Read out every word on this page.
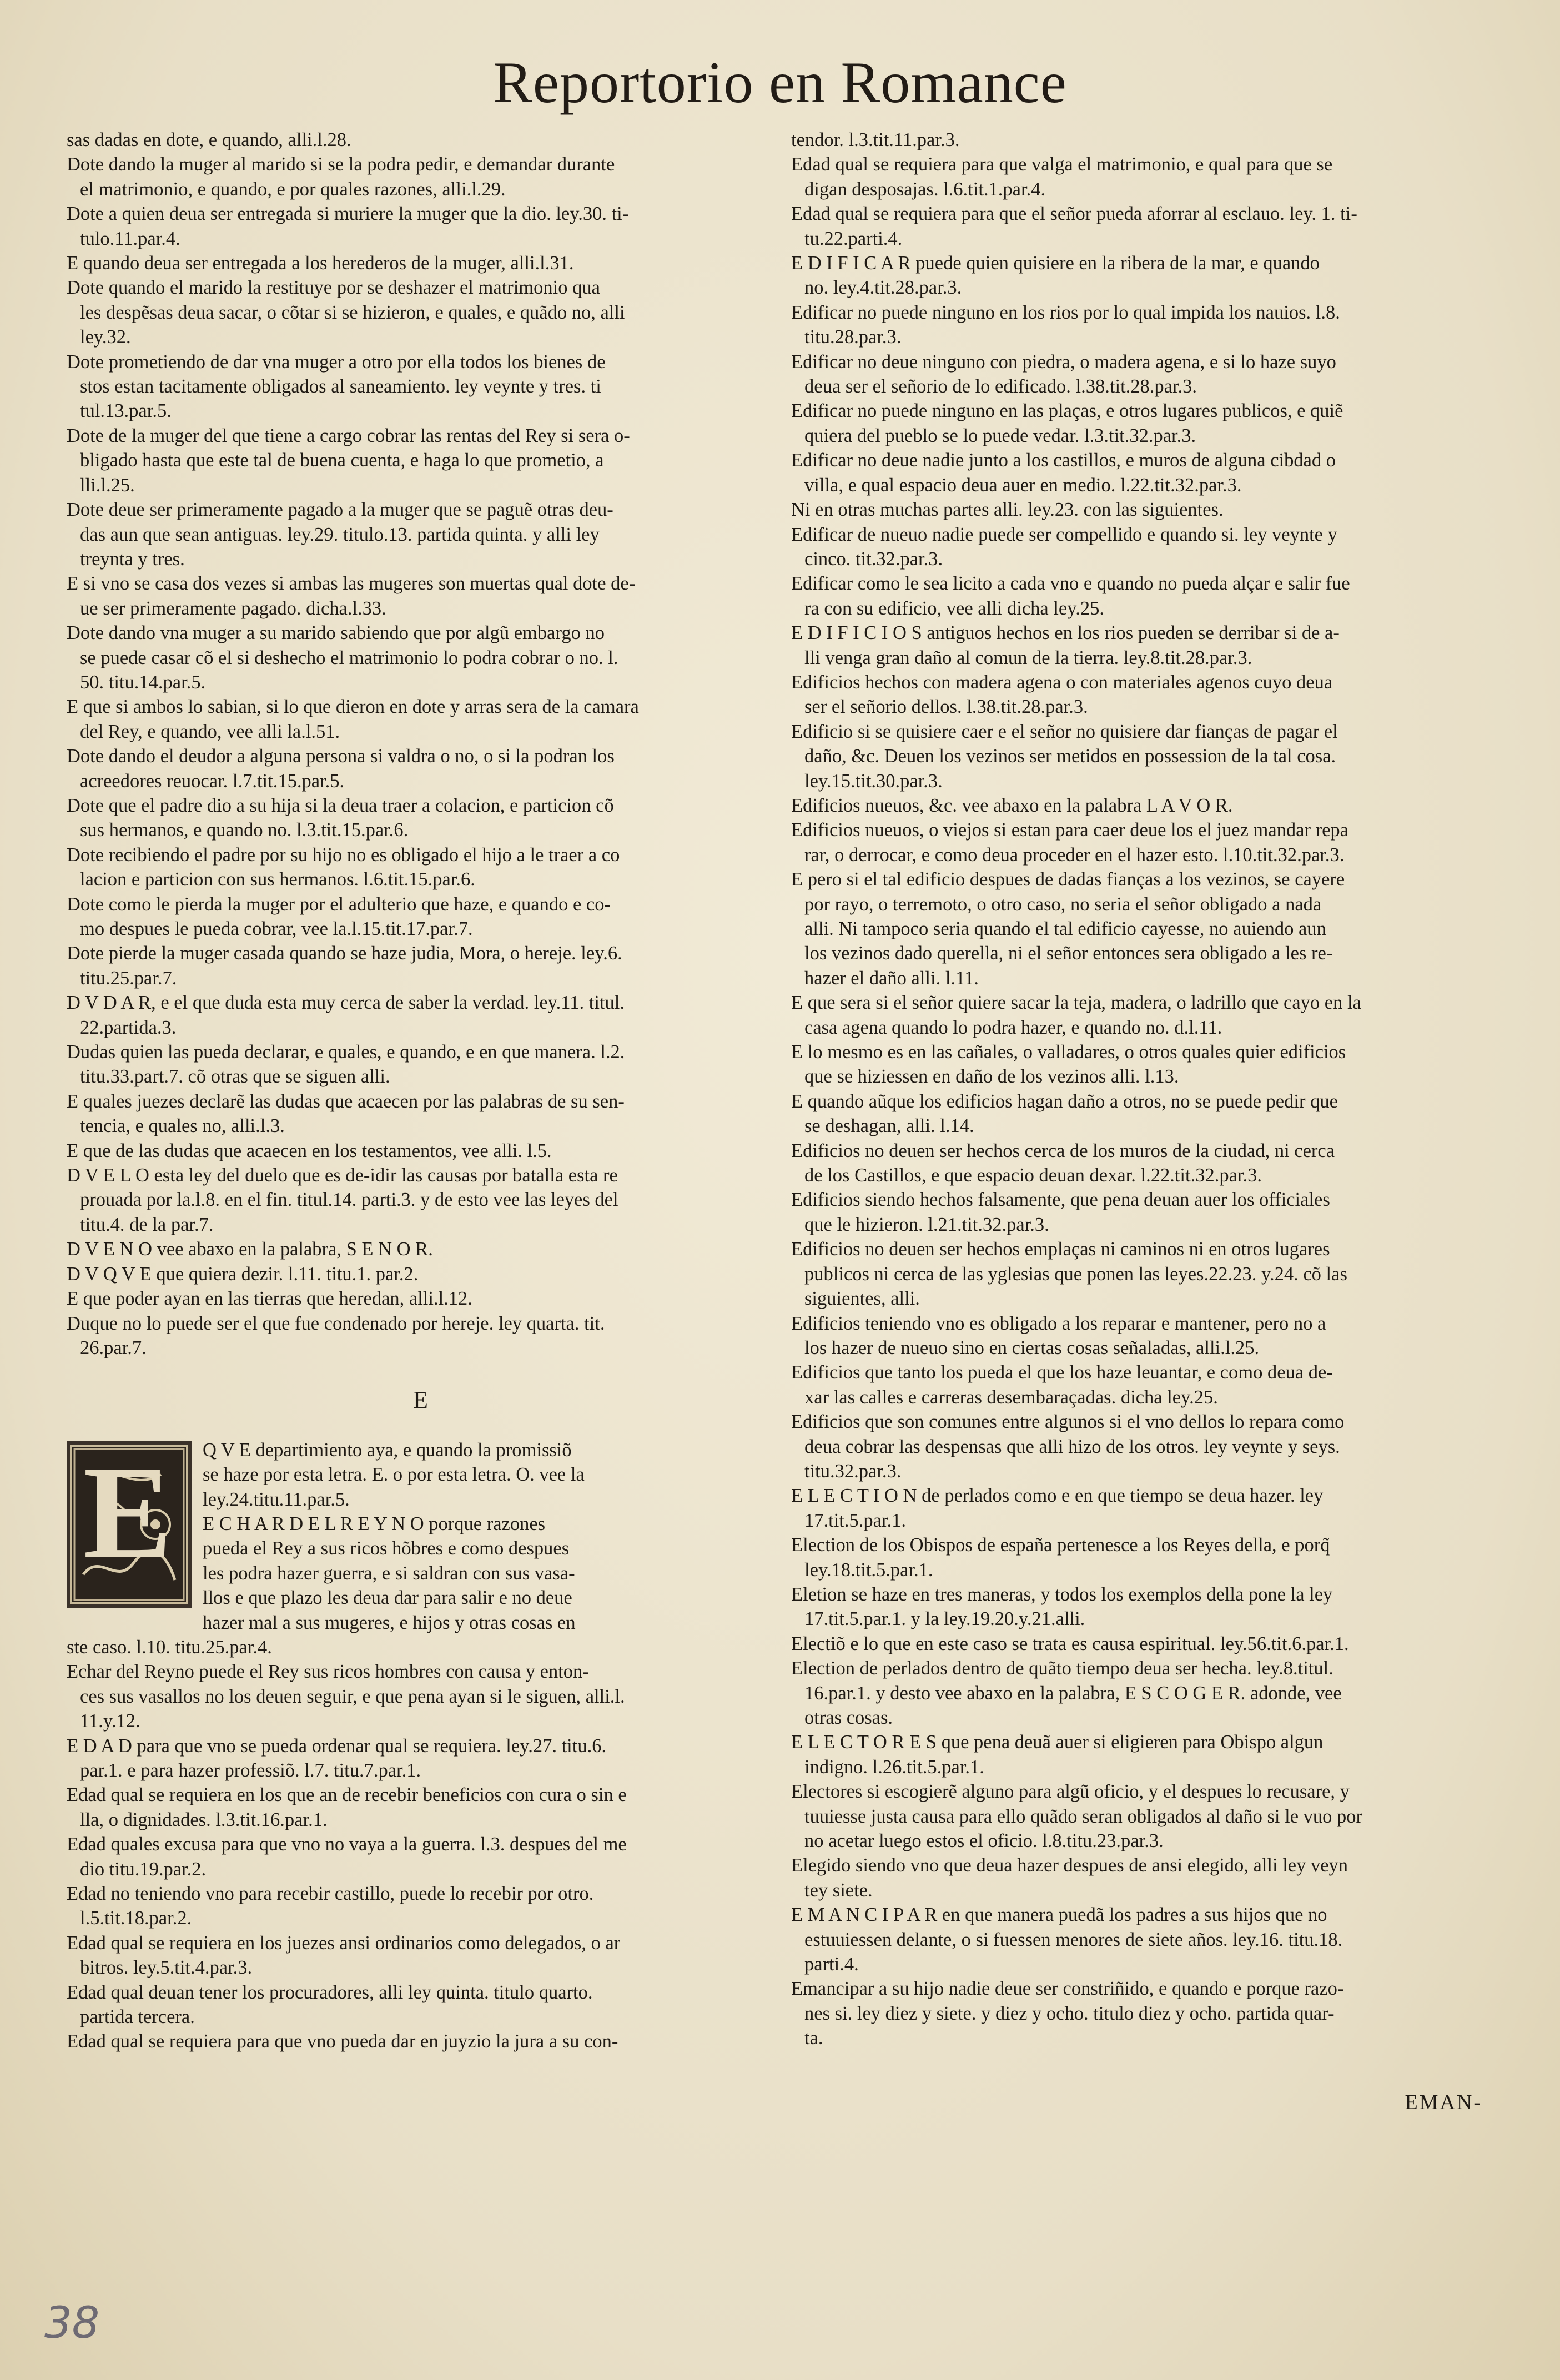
Reportorio en Romance
sas dadas en dote, e quando, alli.l.28.
Dote dando la muger al marido si se la podra pedir, e demandar durante
el matrimonio, e quando, e por quales razones, alli.l.29.
Dote a quien deua ser entregada si muriere la muger que la dio. ley.30. ti-
tulo.11.par.4.
E quando deua ser entregada a los herederos de la muger, alli.l.31.
Dote quando el marido la restituye por se deshazer el matrimonio qua
les despẽsas deua sacar, o cõtar si se hizieron, e quales, e quãdo no, alli
ley.32.
Dote prometiendo de dar vna muger a otro por ella todos los bienes de
stos estan tacitamente obligados al saneamiento. ley veynte y tres. ti
tul.13.par.5.
Dote de la muger del que tiene a cargo cobrar las rentas del Rey si sera o-
bligado hasta que este tal de buena cuenta, e haga lo que prometio, a
lli.l.25.
Dote deue ser primeramente pagado a la muger que se paguẽ otras deu-
das aun que sean antiguas. ley.29. titulo.13. partida quinta. y alli ley
treynta y tres.
E si vno se casa dos vezes si ambas las mugeres son muertas qual dote de-
ue ser primeramente pagado. dicha.l.33.
Dote dando vna muger a su marido sabiendo que por algũ embargo no
se puede casar cõ el si deshecho el matrimonio lo podra cobrar o no. l.
50. titu.14.par.5.
E que si ambos lo sabian, si lo que dieron en dote y arras sera de la camara
del Rey, e quando, vee alli la.l.51.
Dote dando el deudor a alguna persona si valdra o no, o si la podran los
acreedores reuocar. l.7.tit.15.par.5.
Dote que el padre dio a su hija si la deua traer a colacion, e particion cõ
sus hermanos, e quando no. l.3.tit.15.par.6.
Dote recibiendo el padre por su hijo no es obligado el hijo a le traer a co
lacion e particion con sus hermanos. l.6.tit.15.par.6.
Dote como le pierda la muger por el adulterio que haze, e quando e co-
mo despues le pueda cobrar, vee la.l.15.tit.17.par.7.
Dote pierde la muger casada quando se haze judia, Mora, o hereje. ley.6.
titu.25.par.7.
D V D A R, e el que duda esta muy cerca de saber la verdad. ley.11. titul.
22.partida.3.
Dudas quien las pueda declarar, e quales, e quando, e en que manera. l.2.
titu.33.part.7. cõ otras que se siguen alli.
E quales juezes declarẽ las dudas que acaecen por las palabras de su sen-
tencia, e quales no, alli.l.3.
E que de las dudas que acaecen en los testamentos, vee alli. l.5.
D V E L O esta ley del duelo que es de-idir las causas por batalla esta re
prouada por la.l.8. en el fin. titul.14. parti.3. y de esto vee las leyes del
titu.4. de la par.7.
D V E N O vee abaxo en la palabra, S E N O R.
D V Q V E que quiera dezir. l.11. titu.1. par.2.
E que poder ayan en las tierras que heredan, alli.l.12.
Duque no lo puede ser el que fue condenado por hereje. ley quarta. tit.
26.par.7.
E
E	Q V E departimiento aya, e quando la promissiõ
se haze por esta letra. E. o por esta letra. O. vee la
ley.24.titu.11.par.5.
E C H A R D E L R E Y N O porque razones
pueda el Rey a sus ricos hõbres e como despues
les podra hazer guerra, e si saldran con sus vasa-
llos e que plazo les deua dar para salir e no deue
hazer mal a sus mugeres, e hijos y otras cosas en
ste caso. l.10. titu.25.par.4.
Echar del Reyno puede el Rey sus ricos hombres con causa y enton-
ces sus vasallos no los deuen seguir, e que pena ayan si le siguen, alli.l.
11.y.12.
E D A D para que vno se pueda ordenar qual se requiera. ley.27. titu.6.
par.1. e para hazer professiõ. l.7. titu.7.par.1.
Edad qual se requiera en los que an de recebir beneficios con cura o sin e
lla, o dignidades. l.3.tit.16.par.1.
Edad quales excusa para que vno no vaya a la guerra. l.3. despues del me
dio titu.19.par.2.
Edad no teniendo vno para recebir castillo, puede lo recebir por otro.
l.5.tit.18.par.2.
Edad qual se requiera en los juezes ansi ordinarios como delegados, o ar
bitros. ley.5.tit.4.par.3.
Edad qual deuan tener los procuradores, alli ley quinta. titulo quarto.
partida tercera.
Edad qual se requiera para que vno pueda dar en juyzio la jura a su con-
tendor. l.3.tit.11.par.3.
Edad qual se requiera para que valga el matrimonio, e qual para que se
digan desposajas. l.6.tit.1.par.4.
Edad qual se requiera para que el señor pueda aforrar al esclauo. ley. 1. ti-
tu.22.parti.4.
E D I F I C A R puede quien quisiere en la ribera de la mar, e quando
no. ley.4.tit.28.par.3.
Edificar no puede ninguno en los rios por lo qual impida los nauios. l.8.
titu.28.par.3.
Edificar no deue ninguno con piedra, o madera agena, e si lo haze suyo
deua ser el señorio de lo edificado. l.38.tit.28.par.3.
Edificar no puede ninguno en las plaças, e otros lugares publicos, e quiẽ
quiera del pueblo se lo puede vedar. l.3.tit.32.par.3.
Edificar no deue nadie junto a los castillos, e muros de alguna cibdad o
villa, e qual espacio deua auer en medio. l.22.tit.32.par.3.
Ni en otras muchas partes alli. ley.23. con las siguientes.
Edificar de nueuo nadie puede ser compellido e quando si. ley veynte y
cinco. tit.32.par.3.
Edificar como le sea licito a cada vno e quando no pueda alçar e salir fue
ra con su edificio, vee alli dicha ley.25.
E D I F I C I O S antiguos hechos en los rios pueden se derribar si de a-
lli venga gran daño al comun de la tierra. ley.8.tit.28.par.3.
Edificios hechos con madera agena o con materiales agenos cuyo deua
ser el señorio dellos. l.38.tit.28.par.3.
Edificio si se quisiere caer e el señor no quisiere dar fianças de pagar el
daño, &c. Deuen los vezinos ser metidos en possession de la tal cosa.
ley.15.tit.30.par.3.
Edificios nueuos, &c. vee abaxo en la palabra L A V O R.
Edificios nueuos, o viejos si estan para caer deue los el juez mandar repa
rar, o derrocar, e como deua proceder en el hazer esto. l.10.tit.32.par.3.
E pero si el tal edificio despues de dadas fianças a los vezinos, se cayere
por rayo, o terremoto, o otro caso, no seria el señor obligado a nada
alli. Ni tampoco seria quando el tal edificio cayesse, no auiendo aun
los vezinos dado querella, ni el señor entonces sera obligado a les re-
hazer el daño alli. l.11.
E que sera si el señor quiere sacar la teja, madera, o ladrillo que cayo en la
casa agena quando lo podra hazer, e quando no. d.l.11.
E lo mesmo es en las cañales, o valladares, o otros quales quier edificios
que se hiziessen en daño de los vezinos alli. l.13.
E quando aũque los edificios hagan daño a otros, no se puede pedir que
se deshagan, alli. l.14.
Edificios no deuen ser hechos cerca de los muros de la ciudad, ni cerca
de los Castillos, e que espacio deuan dexar. l.22.tit.32.par.3.
Edificios siendo hechos falsamente, que pena deuan auer los officiales
que le hizieron. l.21.tit.32.par.3.
Edificios no deuen ser hechos emplaças ni caminos ni en otros lugares
publicos ni cerca de las yglesias que ponen las leyes.22.23. y.24. cõ las
siguientes, alli.
Edificios teniendo vno es obligado a los reparar e mantener, pero no a
los hazer de nueuo sino en ciertas cosas señaladas, alli.l.25.
Edificios que tanto los pueda el que los haze leuantar, e como deua de-
xar las calles e carreras desembaraçadas. dicha ley.25.
Edificios que son comunes entre algunos si el vno dellos lo repara como
deua cobrar las despensas que alli hizo de los otros. ley veynte y seys.
titu.32.par.3.
E L E C T I O N de perlados como e en que tiempo se deua hazer. ley
17.tit.5.par.1.
Election de los Obispos de españa pertenesce a los Reyes della, e porq̃
ley.18.tit.5.par.1.
Eletion se haze en tres maneras, y todos los exemplos della pone la ley
17.tit.5.par.1. y la ley.19.20.y.21.alli.
Electiõ e lo que en este caso se trata es causa espiritual. ley.56.tit.6.par.1.
Election de perlados dentro de quãto tiempo deua ser hecha. ley.8.titul.
16.par.1. y desto vee abaxo en la palabra, E S C O G E R. adonde, vee
otras cosas.
E L E C T O R E S que pena deuã auer si eligieren para Obispo algun
indigno. l.26.tit.5.par.1.
Electores si escogierẽ alguno para algũ oficio, y el despues lo recusare, y
tuuiesse justa causa para ello quãdo seran obligados al daño si le vuo por
no acetar luego estos el oficio. l.8.titu.23.par.3.
Elegido siendo vno que deua hazer despues de ansi elegido, alli ley veyn
tey siete.
E M A N C I P A R en que manera puedã los padres a sus hijos que no
estuuiessen delante, o si fuessen menores de siete años. ley.16. titu.18.
parti.4.
Emancipar a su hijo nadie deue ser constriñido, e quando e porque razo-
nes si. ley diez y siete. y diez y ocho. titulo diez y ocho. partida quar-
ta.
EMAN-
38
